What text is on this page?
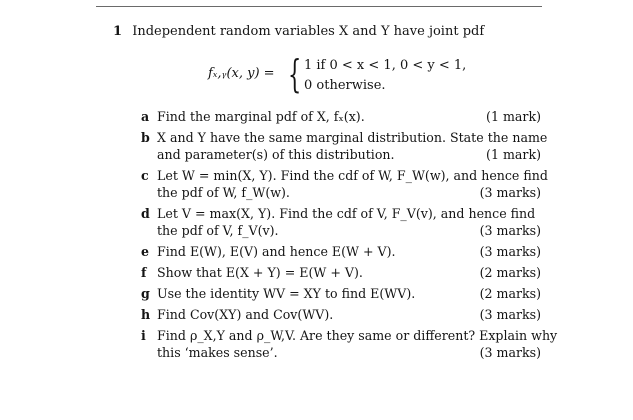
1 Independent random variables X and Y have joint pdf
fₓ,ᵧ(x, y) = { 1 if 0 < x < 1, 0 < y < 1,
0 otherwise.
a Find the marginal pdf of X, fₓ(x).	(1 mark)
b X and Y have the same marginal distribution. State the name
and parameter(s) of this distribution.	(1 mark)
c Let W = min(X, Y). Find the cdf of W, F_W(w), and hence find
the pdf of W, f_W(w).	(3 marks)
d Let V = max(X, Y). Find the cdf of V, F_V(v), and hence find
the pdf of V, f_V(v).	(3 marks)
e Find E(W), E(V) and hence E(W + V).	(3 marks)
f Show that E(X + Y) = E(W + V).	(2 marks)
g Use the identity WV = XY to find E(WV).	(2 marks)
h Find Cov(XY) and Cov(WV).	(3 marks)
i Find ρ_X,Y and ρ_W,V. Are they same or different? Explain why
this ‘makes sense’.	(3 marks)
